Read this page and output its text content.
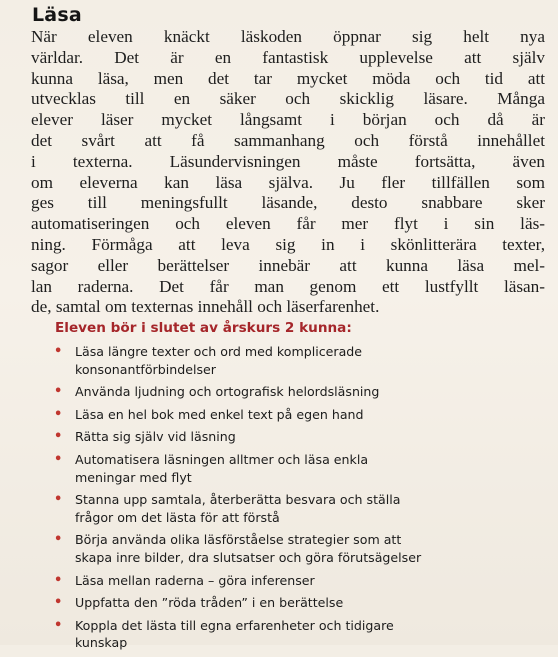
Läsa
När eleven knäckt läskoden öppnar sig helt nya
världar. Det är en fantastisk upplevelse att själv
kunna läsa, men det tar mycket möda och tid att
utvecklas till en säker och skicklig läsare. Många
elever läser mycket långsamt i början och då är
det svårt att få sammanhang och förstå innehållet
i texterna. Läsundervisningen måste fortsätta, även
om eleverna kan läsa själva. Ju fler tillfällen som
ges till meningsfullt läsande, desto snabbare sker
automatiseringen och eleven får mer flyt i sin läs-
ning. Förmåga att leva sig in i skönlitterära texter,
sagor eller berättelser innebär att kunna läsa mel-
lan raderna. Det får man genom ett lustfyllt läsan-
de, samtal om texternas innehåll och läserfarenhet.
Eleven bör i slutet av årskurs 2 kunna:
• Läsa längre texter och ord med komplicerade
konsonantförbindelser
• Använda ljudning och ortografisk helordsläsning
• Läsa en hel bok med enkel text på egen hand
• Rätta sig själv vid läsning
• Automatisera läsningen alltmer och läsa enkla
meningar med flyt
• Stanna upp samtala, återberätta besvara och ställa
frågor om det lästa för att förstå
• Börja använda olika läsförståelse strategier som att
skapa inre bilder, dra slutsatser och göra förutsägelser
• Läsa mellan raderna – göra inferenser
• Uppfatta den ”röda tråden” i en berättelse
• Koppla det lästa till egna erfarenheter och tidigare
kunskap
